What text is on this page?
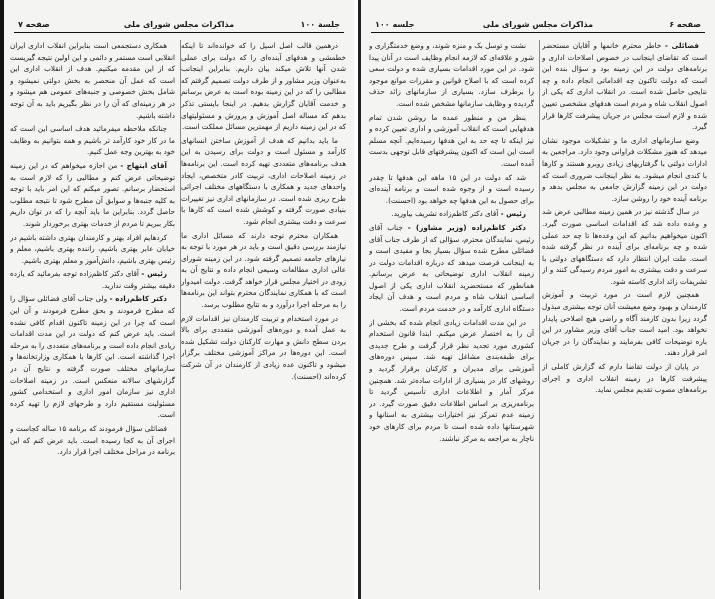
جلسة ۱۰۰
مذاکرات مجلس شورای ملی
صفحه ۷

درهمین قالب اصل اسیل را که خوانده‌اند تا اینکه خطمشی و هدفهای آینده‌ای را که دولت برای عملی شدن آنها تلاش میکند بیان داریم. بنابراین اینجانب به‌عنوان وزیر مشاور و از طرف دولت تصمیم گرفتم که مطالبی را که در این زمینه بوده است به عرض برسانم و خدمت آقایان گزارش بدهیم. در اینجا بایستی تذکر بدهم که مساله اصل آموزش و پرورش و مسئولیتهای که در این زمینه داریم از مهمترین مسائل مملکت است.

ما باید بدانیم که هدف از آموزش ساختن انسانهای کارآمد و مسئول است و دولت برای رسیدن به این هدف برنامه‌های متعددی تهیه کرده است. این برنامه‌ها در زمینه اصلاحات اداری، تربیت کادر متخصص، ایجاد واحدهای جدید و همکاری با دستگاههای مختلف اجرائی طرح ریزی شده است. در سازمانهای اداری نیز تغییرات بنیادی صورت گرفته و کوشش شده است که کارها با سرعت و دقت بیشتری انجام شود.

همکاران محترم توجه دارند که مسائل اداری ما نیازمند بررسی دقیق است و باید در هر مورد با توجه به نیازهای جامعه تصمیم گرفته شود. در این زمینه شورای عالی اداری مطالعات وسیعی انجام داده و نتایج آن به زودی در اختیار مجلس قرار خواهد گرفت. دولت امیدوار است که با همکاری نمایندگان محترم بتواند این برنامه‌ها را به مرحله اجرا درآورد و به نتایج مطلوب برسد.

در مورد استخدام و تربیت کارمندان نیز اقدامات لازم به عمل آمده و دوره‌های آموزشی متعددی برای بالا بردن سطح دانش و مهارت کارکنان دولت تشکیل شده است. این دوره‌ها در مراکز آموزشی مختلف برگزار میشود و تاکنون عده زیادی از کارمندان در آن شرکت کرده‌اند (احسنت).

همکاری دستجمعی است بنابراین انقلاب اداری ایران انقلابی است مستمر و دائمی و این اولین نتیجه گیریست که از این مقدمه میکنیم. هدف از انقلاب اداری این است که عمل آن منحصر به بخش دولتی نمیشود و شامل بخش خصوصی و جنبه‌های عمومی هم میشود و در هر زمینه‌ای که آن را در نظر بگیریم باید به آن توجه داشته باشیم.

چنانکه ملاحظه میفرمائید هدف اساسی این است که ما در کار خود کارآمد تر باشیم و همه بتوانیم به وظایف خود به بهترین وجه عمل کنیم.

آقای ابتهاج - من اجازه میخواهم که در این زمینه توضیحاتی عرض کنم و مطالبی را که لازم است به استحضار برسانم. تصور میکنم که این امر باید با توجه به کلیه جنبه‌ها و سوابق آن مطرح شود تا نتیجه مطلوب حاصل گردد. بنابراین ما باید آنچه را که در توان داریم بکار ببریم تا مردم از خدمات بهتری برخوردار شوند.

کردهایم افراد بهتر و کارمندان بهتری داشته باشیم در خیابان عابر بهتری باشیم، راننده بهتری باشیم، معلم و رئیس بهتری باشیم، دانش‌آموز و معلم بهتری باشیم.

رئیس - آقای دکتر کاظم‌زاده توجه بفرمائید که یازده دقیقه بیشتر وقت ندارید.

دکتر کاظم‌زاده - ولی جناب آقای فضائلی سؤال را که مطرح فرمودند و بحق مطرح فرمودند و آن این است که چرا در این زمینه تاکنون اقدام کافی نشده است. باید عرض کنم که دولت در این مدت اقدامات زیادی انجام داده است و برنامه‌های متعددی را به مرحله اجرا گذاشته است. این کارها با همکاری وزارتخانه‌ها و سازمانهای مختلف صورت گرفته و نتایج آن در گزارشهای سالانه منعکس است. در زمینه اصلاحات اداری نیز سازمان امور اداری و استخدامی کشور مسئولیت مستقیم دارد و طرحهای لازم را تهیه کرده است.

فضائلی سؤال فرمودند که برنامه ۱۵ ساله کجاست و اجرای آن به کجا رسیده است. باید عرض کنم که این برنامه در مراحل مختلف اجرا قرار دارد.

صفحه ۶
مذاکرات مجلس شورای ملی
جلسه ۱۰۰

فضائلی - خاطر محترم خانمها و آقایان مستحضر است که تقاضای اینجانب در خصوص اصلاحات اداری و برنامه‌های دولت در این زمینه بود و سؤال بنده این است که دولت تاکنون چه اقداماتی انجام داده و چه نتایجی حاصل شده است. در انقلاب اداری که یکی از اصول انقلاب شاه و مردم است هدفهای مشخصی تعیین شده و لازم است مجلس در جریان پیشرفت کارها قرار گیرد.

وضع سازمانهای اداری ما و تشکیلات موجود نشان میدهد که هنوز مشکلات فراوانی وجود دارد. مراجعین به ادارات دولتی با گرفتاریهای زیادی روبرو هستند و کارها با کندی انجام میشود. به نظر اینجانب ضروری است که دولت در این زمینه گزارش جامعی به مجلس بدهد و برنامه آینده خود را روشن سازد.

در سال گذشته نیز در همین زمینه مطالبی عرض شد و وعده داده شد که اقدامات اساسی صورت گیرد. اکنون میخواهیم بدانیم که این وعده‌ها تا چه حد عملی شده و چه برنامه‌ای برای آینده در نظر گرفته شده است. ملت ایران انتظار دارد که دستگاههای دولتی با سرعت و دقت بیشتری به امور مردم رسیدگی کنند و از تشریفات زائد اداری کاسته شود.

همچنین لازم است در مورد تربیت و آموزش کارمندان و بهبود وضع معیشت آنان توجه بیشتری مبذول گردد زیرا بدون کارمند آگاه و راضی هیچ اصلاحی پایدار نخواهد بود. امید است جناب آقای وزیر مشاور در این باره توضیحات کافی بفرمایند و نمایندگان را در جریان امر قرار دهند.

در پایان از دولت تقاضا دارم که گزارش کاملی از پیشرفت کارها در زمینه انقلاب اداری و اجرای برنامه‌های مصوب تقدیم مجلس نماید.

نشت و توسل بک و منزه شوند، و وضع خدمتگزاری و شور و علاقه‌ای که لازمه انجام وظایف است در آنان پیدا شود. در این مورد اقدامات بسیاری شده و دولت سعی کرده است که با اصلاح قوانین و مقررات موانع موجود را برطرف سازد. بسیاری از سازمانهای زائد حذف گردیده و وظایف سازمانها مشخص شده است.

بنظر من و منظور عمده ما روشن شدن تمام هدفهایی است که انقلاب آموزشی و اداری تعیین کرده و نیز اینکه تا چه حد به این هدفها رسیده‌ایم. آنچه مسلم است این است که اکنون پیشرفتهای قابل توجهی بدست آمده است.

شد که دولت در این ۱۵ ماهه این هدفها تا چقدر رسیده است و از وجوه شده است و برنامه آینده‌ای برای حصول به این هدفها چه خواهد بود (احسنت).

رئیس - آقای دکتر کاظم‌زاده تشریف بیاورید.

دکتر کاظم‌زاده (وزیر مشاور) - جناب آقای رئیس، نمایندگان محترم، سؤالی که از طرف جناب آقای فضائلی مطرح شده سؤال بسیار بجا و مفیدی است و به اینجانب فرصت میدهد که درباره اقدامات دولت در زمینه انقلاب اداری توضیحاتی به عرض برسانم. همانطور که مستحضرید انقلاب اداری یکی از اصول اساسی انقلاب شاه و مردم است و هدف آن ایجاد دستگاه اداری کارآمد و در خدمت مردم است.

در این مدت اقدامات زیادی انجام شده که بخشی از آن را به اختصار عرض میکنم. ابتدا قانون استخدام کشوری مورد تجدید نظر قرار گرفت و طرح جدیدی برای طبقه‌بندی مشاغل تهیه شد. سپس دوره‌های آموزشی برای مدیران و کارکنان برقرار گردید و روشهای کار در بسیاری از ادارات ساده‌تر شد. همچنین مرکز آمار و اطلاعات اداری تأسیس گردید تا برنامه‌ریزی بر اساس اطلاعات دقیق صورت گیرد. در زمینه عدم تمرکز نیز اختیارات بیشتری به استانها و شهرستانها داده شده است تا مردم برای کارهای خود ناچار به مراجعه به مرکز نباشند.
